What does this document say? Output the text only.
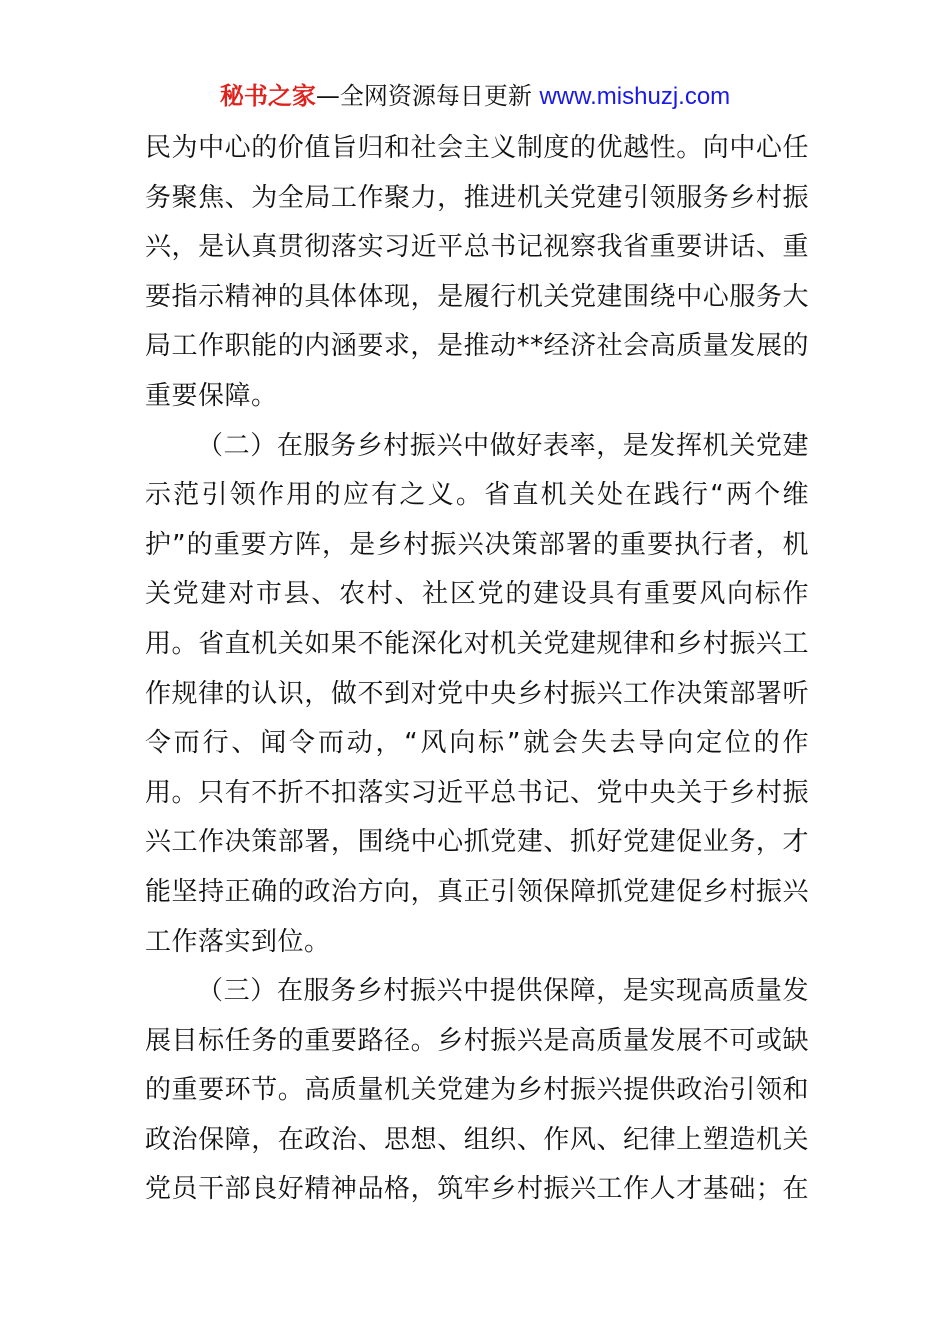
秘书之家—全网资源每日更新 www.mishuzj.com
民为中心的价值旨归和社会主义制度的优越性。向中心任
务聚焦、为全局工作聚力，推进机关党建引领服务乡村振
兴，是认真贯彻落实习近平总书记视察我省重要讲话、重
要指示精神的具体体现，是履行机关党建围绕中心服务大
局工作职能的内涵要求，是推动**经济社会高质量发展的
重要保障。
（二）在服务乡村振兴中做好表率，是发挥机关党建
示范引领作用的应有之义。省直机关处在践行“两个维
护”的重要方阵，是乡村振兴决策部署的重要执行者，机
关党建对市县、农村、社区党的建设具有重要风向标作
用。省直机关如果不能深化对机关党建规律和乡村振兴工
作规律的认识，做不到对党中央乡村振兴工作决策部署听
令而行、闻令而动，“风向标”就会失去导向定位的作
用。只有不折不扣落实习近平总书记、党中央关于乡村振
兴工作决策部署，围绕中心抓党建、抓好党建促业务，才
能坚持正确的政治方向，真正引领保障抓党建促乡村振兴
工作落实到位。
（三）在服务乡村振兴中提供保障，是实现高质量发
展目标任务的重要路径。乡村振兴是高质量发展不可或缺
的重要环节。高质量机关党建为乡村振兴提供政治引领和
政治保障，在政治、思想、组织、作风、纪律上塑造机关
党员干部良好精神品格，筑牢乡村振兴工作人才基础；在
